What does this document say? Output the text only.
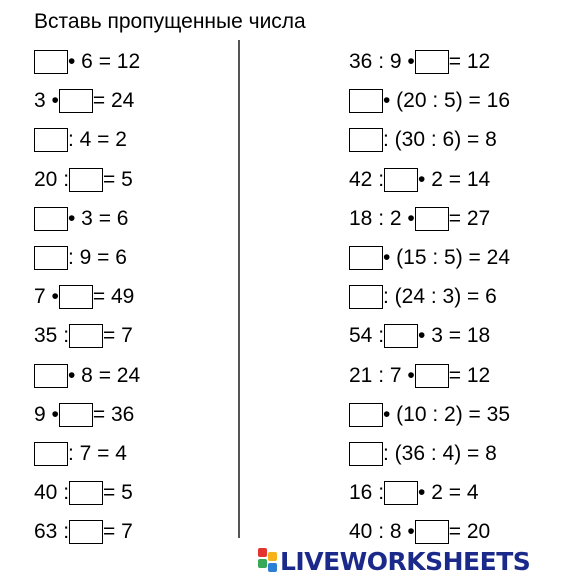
Вставь пропущенные числа
• 6 = 12
3 • = 24
: 4 = 2
20 : = 5
• 3 = 6
: 9 = 6
7 • = 49
35 : = 7
• 8 = 24
9 • = 36
: 7 = 4
40 : = 5
63 : = 7
36 : 9 • = 12
• (20 : 5) = 16
: (30 : 6) = 8
42 : • 2 = 14
18 : 2 • = 27
• (15 : 5) = 24
: (24 : 3) = 6
54 : • 3 = 18
21 : 7 • = 12
• (10 : 2) = 35
: (36 : 4) = 8
16 : • 2 = 4
40 : 8 • = 20
LIVEWORKSHEETS
